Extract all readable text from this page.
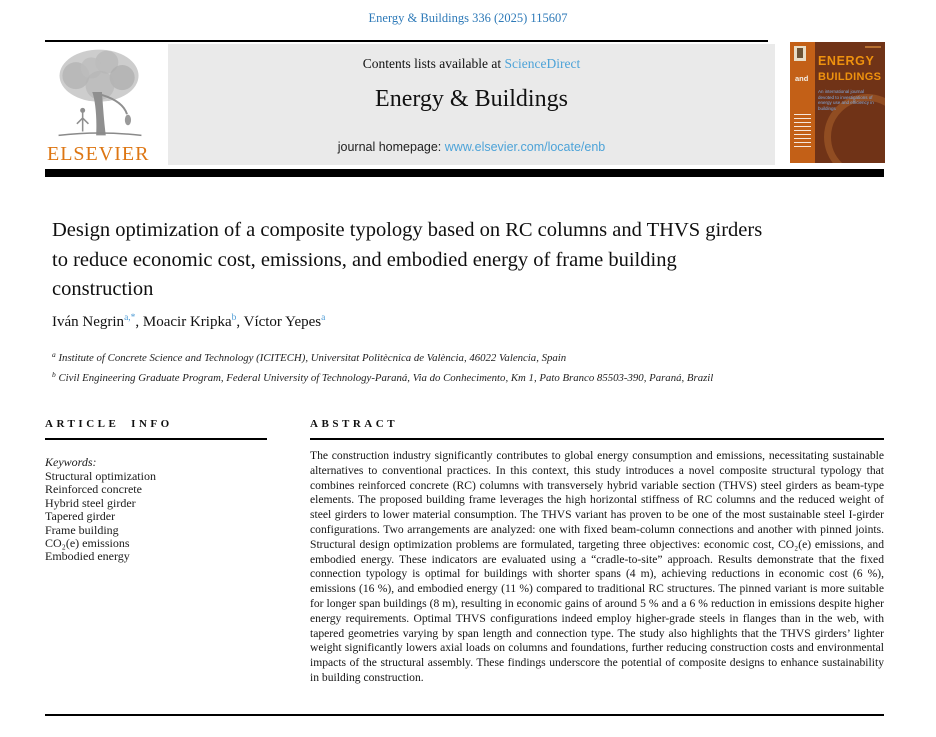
Energy & Buildings 336 (2025) 115607
ELSEVIER
Contents lists available at ScienceDirect
Energy & Buildings
journal homepage: www.elsevier.com/locate/enb
and
ENERGY
BUILDINGS
An international journal devoted to investigations of energy use and efficiency in buildings
Design optimization of a composite typology based on RC columns and THVS girders to reduce economic cost, emissions, and embodied energy of frame building construction
Iván Negrin$^{a,*}$, Moacir Kripka$^b$, Víctor Yepes$^a$
$^a$ Institute of Concrete Science and Technology (ICITECH), Universitat Politècnica de València, 46022 Valencia, Spain
$^b$ Civil Engineering Graduate Program, Federal University of Technology-Paraná, Via do Conhecimento, Km 1, Pato Branco 85503-390, Paraná, Brazil
ARTICLE INFO
Keywords:
Structural optimization
Reinforced concrete
Hybrid steel girder
Tapered girder
Frame building
CO₂(e) emissions
Embodied energy
ABSTRACT
The construction industry significantly contributes to global energy consumption and emissions, necessitating sustainable alternatives to conventional practices. In this context, this study introduces a novel composite structural typology that combines reinforced concrete (RC) columns with transversely hybrid variable section (THVS) steel girders as beam-type elements. The proposed building frame leverages the high horizontal stiffness of RC columns and the reduced weight of steel girders to lower material consumption. The THVS variant has proven to be one of the most sustainable steel I-girder configurations. Two arrangements are analyzed: one with fixed beam-column connections and another with pinned joints. Structural design optimization problems are formulated, targeting three objectives: economic cost, CO₂(e) emissions, and embodied energy. These indicators are evaluated using a “cradle-to-site” approach. Results demonstrate that the fixed connection typology is optimal for buildings with shorter spans (4 m), achieving reductions in economic cost (6 %), emissions (16 %), and embodied energy (11 %) compared to traditional RC structures. The pinned variant is more suitable for longer span buildings (8 m), resulting in economic gains of around 5 % and a 6 % reduction in emissions despite higher energy requirements. Optimal THVS configurations indeed employ higher-grade steels in flanges than in the web, with tapered geometries varying by span length and connection type. The study also highlights that the THVS girders’ lighter weight significantly lowers axial loads on columns and foundations, further reducing construction costs and environmental impacts of the structural assembly. These findings underscore the potential of composite designs to enhance sustainability in building construction.
